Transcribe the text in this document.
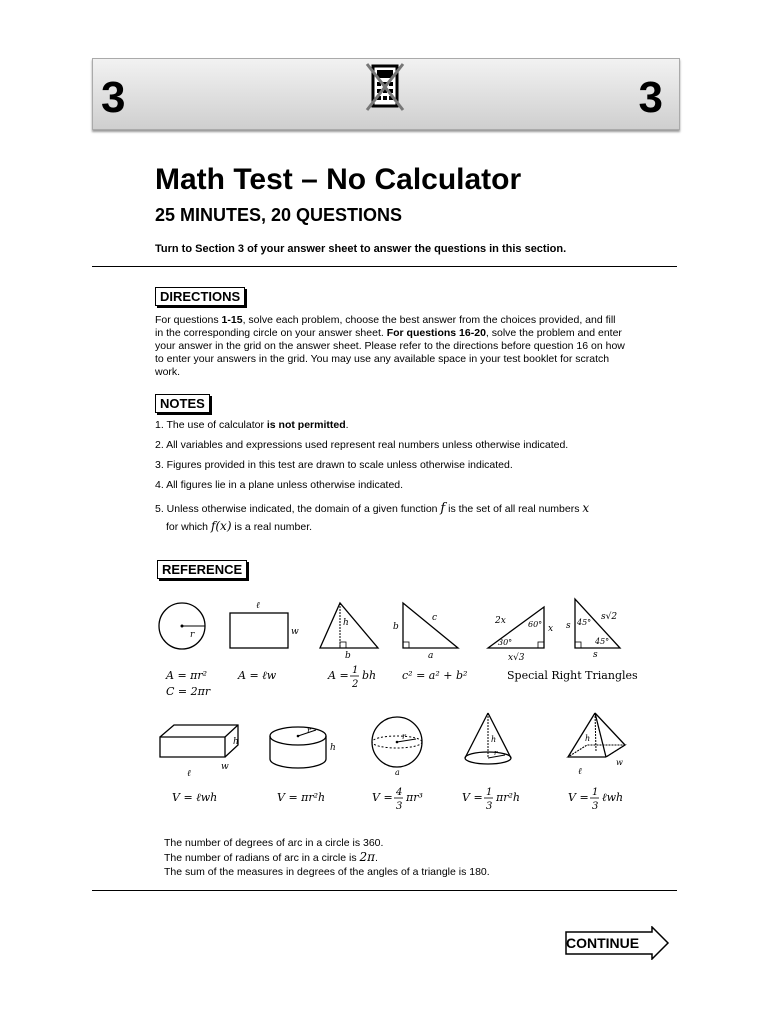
3	3
Math Test – No Calculator
25 MINUTES, 20 QUESTIONS
Turn to Section 3 of your answer sheet to answer the questions in this section.
DIRECTIONS
For questions 1-15, solve each problem, choose the best answer from the choices provided, and fill in the corresponding circle on your answer sheet. For questions 16-20, solve the problem and enter your answer in the grid on the answer sheet. Please refer to the directions before question 16 on how to enter your answers in the grid. You may use any available space in your test booklet for scratch work.
NOTES
1. The use of calculator is not permitted.
2. All variables and expressions used represent real numbers unless otherwise indicated.
3. Figures provided in this test are drawn to scale unless otherwise indicated.
4. All figures lie in a plane unless otherwise indicated.
5. Unless otherwise indicated, the domain of a given function f is the set of all real numbers x
for which f(x) is a real number.
REFERENCE
r
ℓ
w
h
b
b
c
a
2x	60°
30°
x
x√3
45°
45°
s
s√2
s
A = πr²
C = 2πr
A = ℓw	A = 1
2
bh c² = a² + b²	Special Right Triangles
h
ℓ
w
r
h
r
a
h
r
h
ℓ
w
V = ℓwh	V = πr²h	V = 4
3
πr³	V = 1
3
πr²h	V = 1
3
ℓwh
The number of degrees of arc in a circle is 360.
The number of radians of arc in a circle is 2π.
The sum of the measures in degrees of the angles of a triangle is 180.
CONTINUE
